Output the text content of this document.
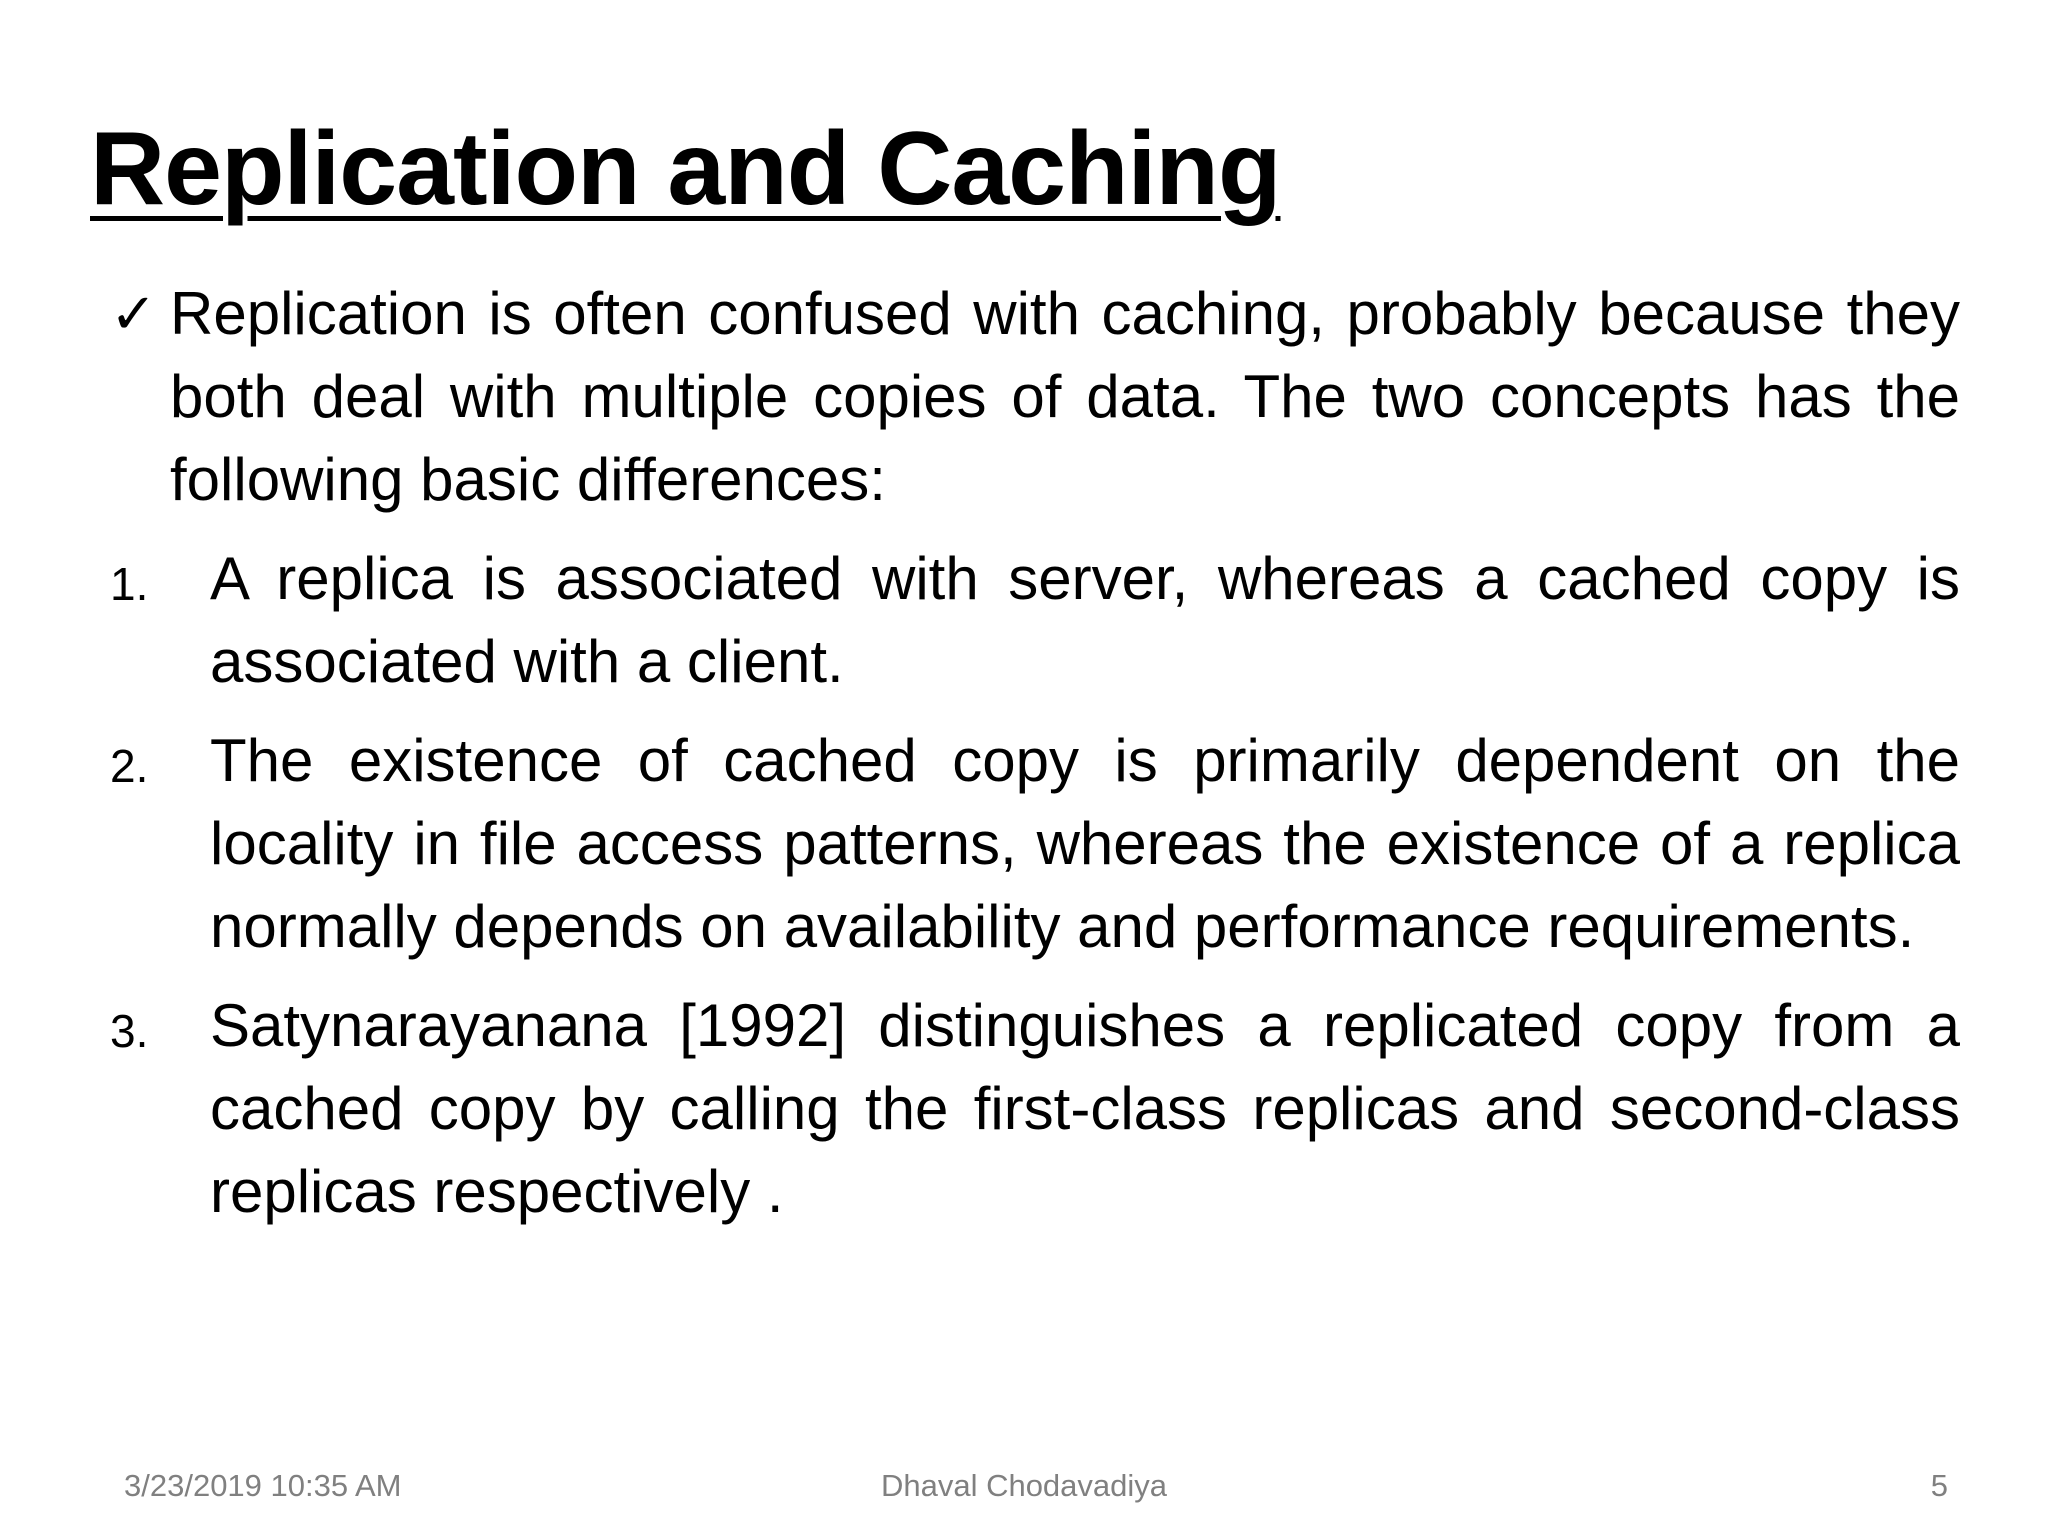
Replication and Caching
✓ Replication is often confused with caching, probably because they both deal with multiple copies of data. The two concepts has the following basic differences:

1.	A replica is associated with server, whereas a cached copy is associated with a client.

2.	The existence of cached copy is primarily dependent on the locality in file access patterns, whereas the existence of a replica normally depends on availability and performance requirements.

3.	Satynarayanana [1992] distinguishes a replicated copy from a cached copy by calling the first-class replicas and second-class replicas respectively .

3/23/2019 10:35 AM	Dhaval Chodavadiya	5
